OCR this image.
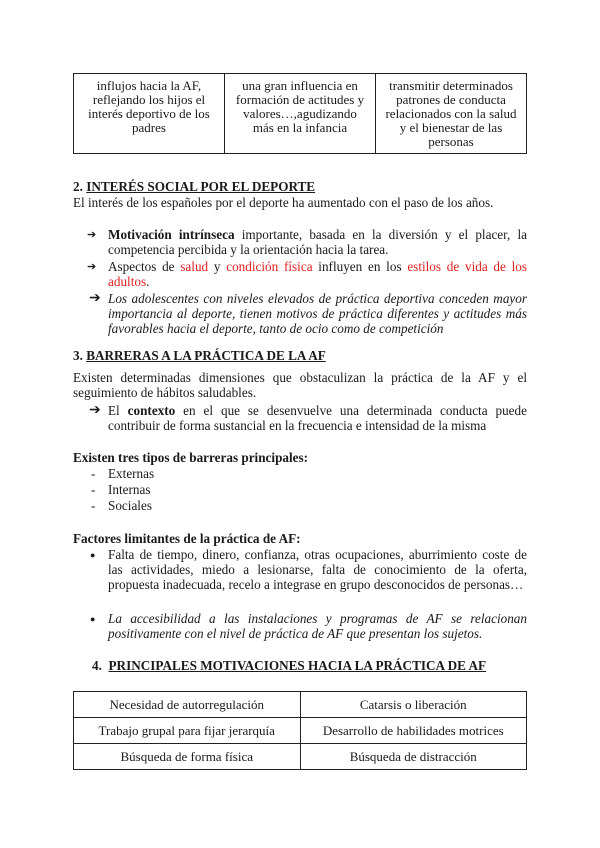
influjos hacia la AF, reflejando los hijos el interés deportivo de los padres	una gran influencia en formación de actitudes y valores…,agudizando más en la infancia	transmitir determinados patrones de conducta relacionados con la salud y el bienestar de las personas
2. INTERÉS SOCIAL POR EL DEPORTE
El interés de los españoles por el deporte ha aumentado con el paso de los años.
➔ Motivación intrínseca importante, basada en la diversión y el placer, la competencia percibida y la orientación hacia la tarea.
➔ Aspectos de salud y condición física influyen en los estilos de vida de los adultos.
➔ Los adolescentes con niveles elevados de práctica deportiva conceden mayor importancia al deporte, tienen motivos de práctica diferentes y actitudes más favorables hacia el deporte, tanto de ocio como de competición
3. BARRERAS A LA PRÁCTICA DE LA AF
Existen determinadas dimensiones que obstaculizan la práctica de la AF y el seguimiento de hábitos saludables.
➔ El contexto en el que se desenvuelve una determinada conducta puede contribuir de forma sustancial en la frecuencia e intensidad de la misma
Existen tres tipos de barreras principales:
- Externas
- Internas
- Sociales
Factores limitantes de la práctica de AF:
● Falta de tiempo, dinero, confianza, otras ocupaciones, aburrimiento coste de las actividades, miedo a lesionarse, falta de conocimiento de la oferta, propuesta inadecuada, recelo a integrase en grupo desconocidos de personas…
● La accesibilidad a las instalaciones y programas de AF se relacionan positivamente con el nivel de práctica de AF que presentan los sujetos.
4. PRINCIPALES MOTIVACIONES HACIA LA PRÁCTICA DE AF
Necesidad de autorregulación	Catarsis o liberación
Trabajo grupal para fijar jerarquía	Desarrollo de habilidades motrices
Búsqueda de forma física	Búsqueda de distracción
